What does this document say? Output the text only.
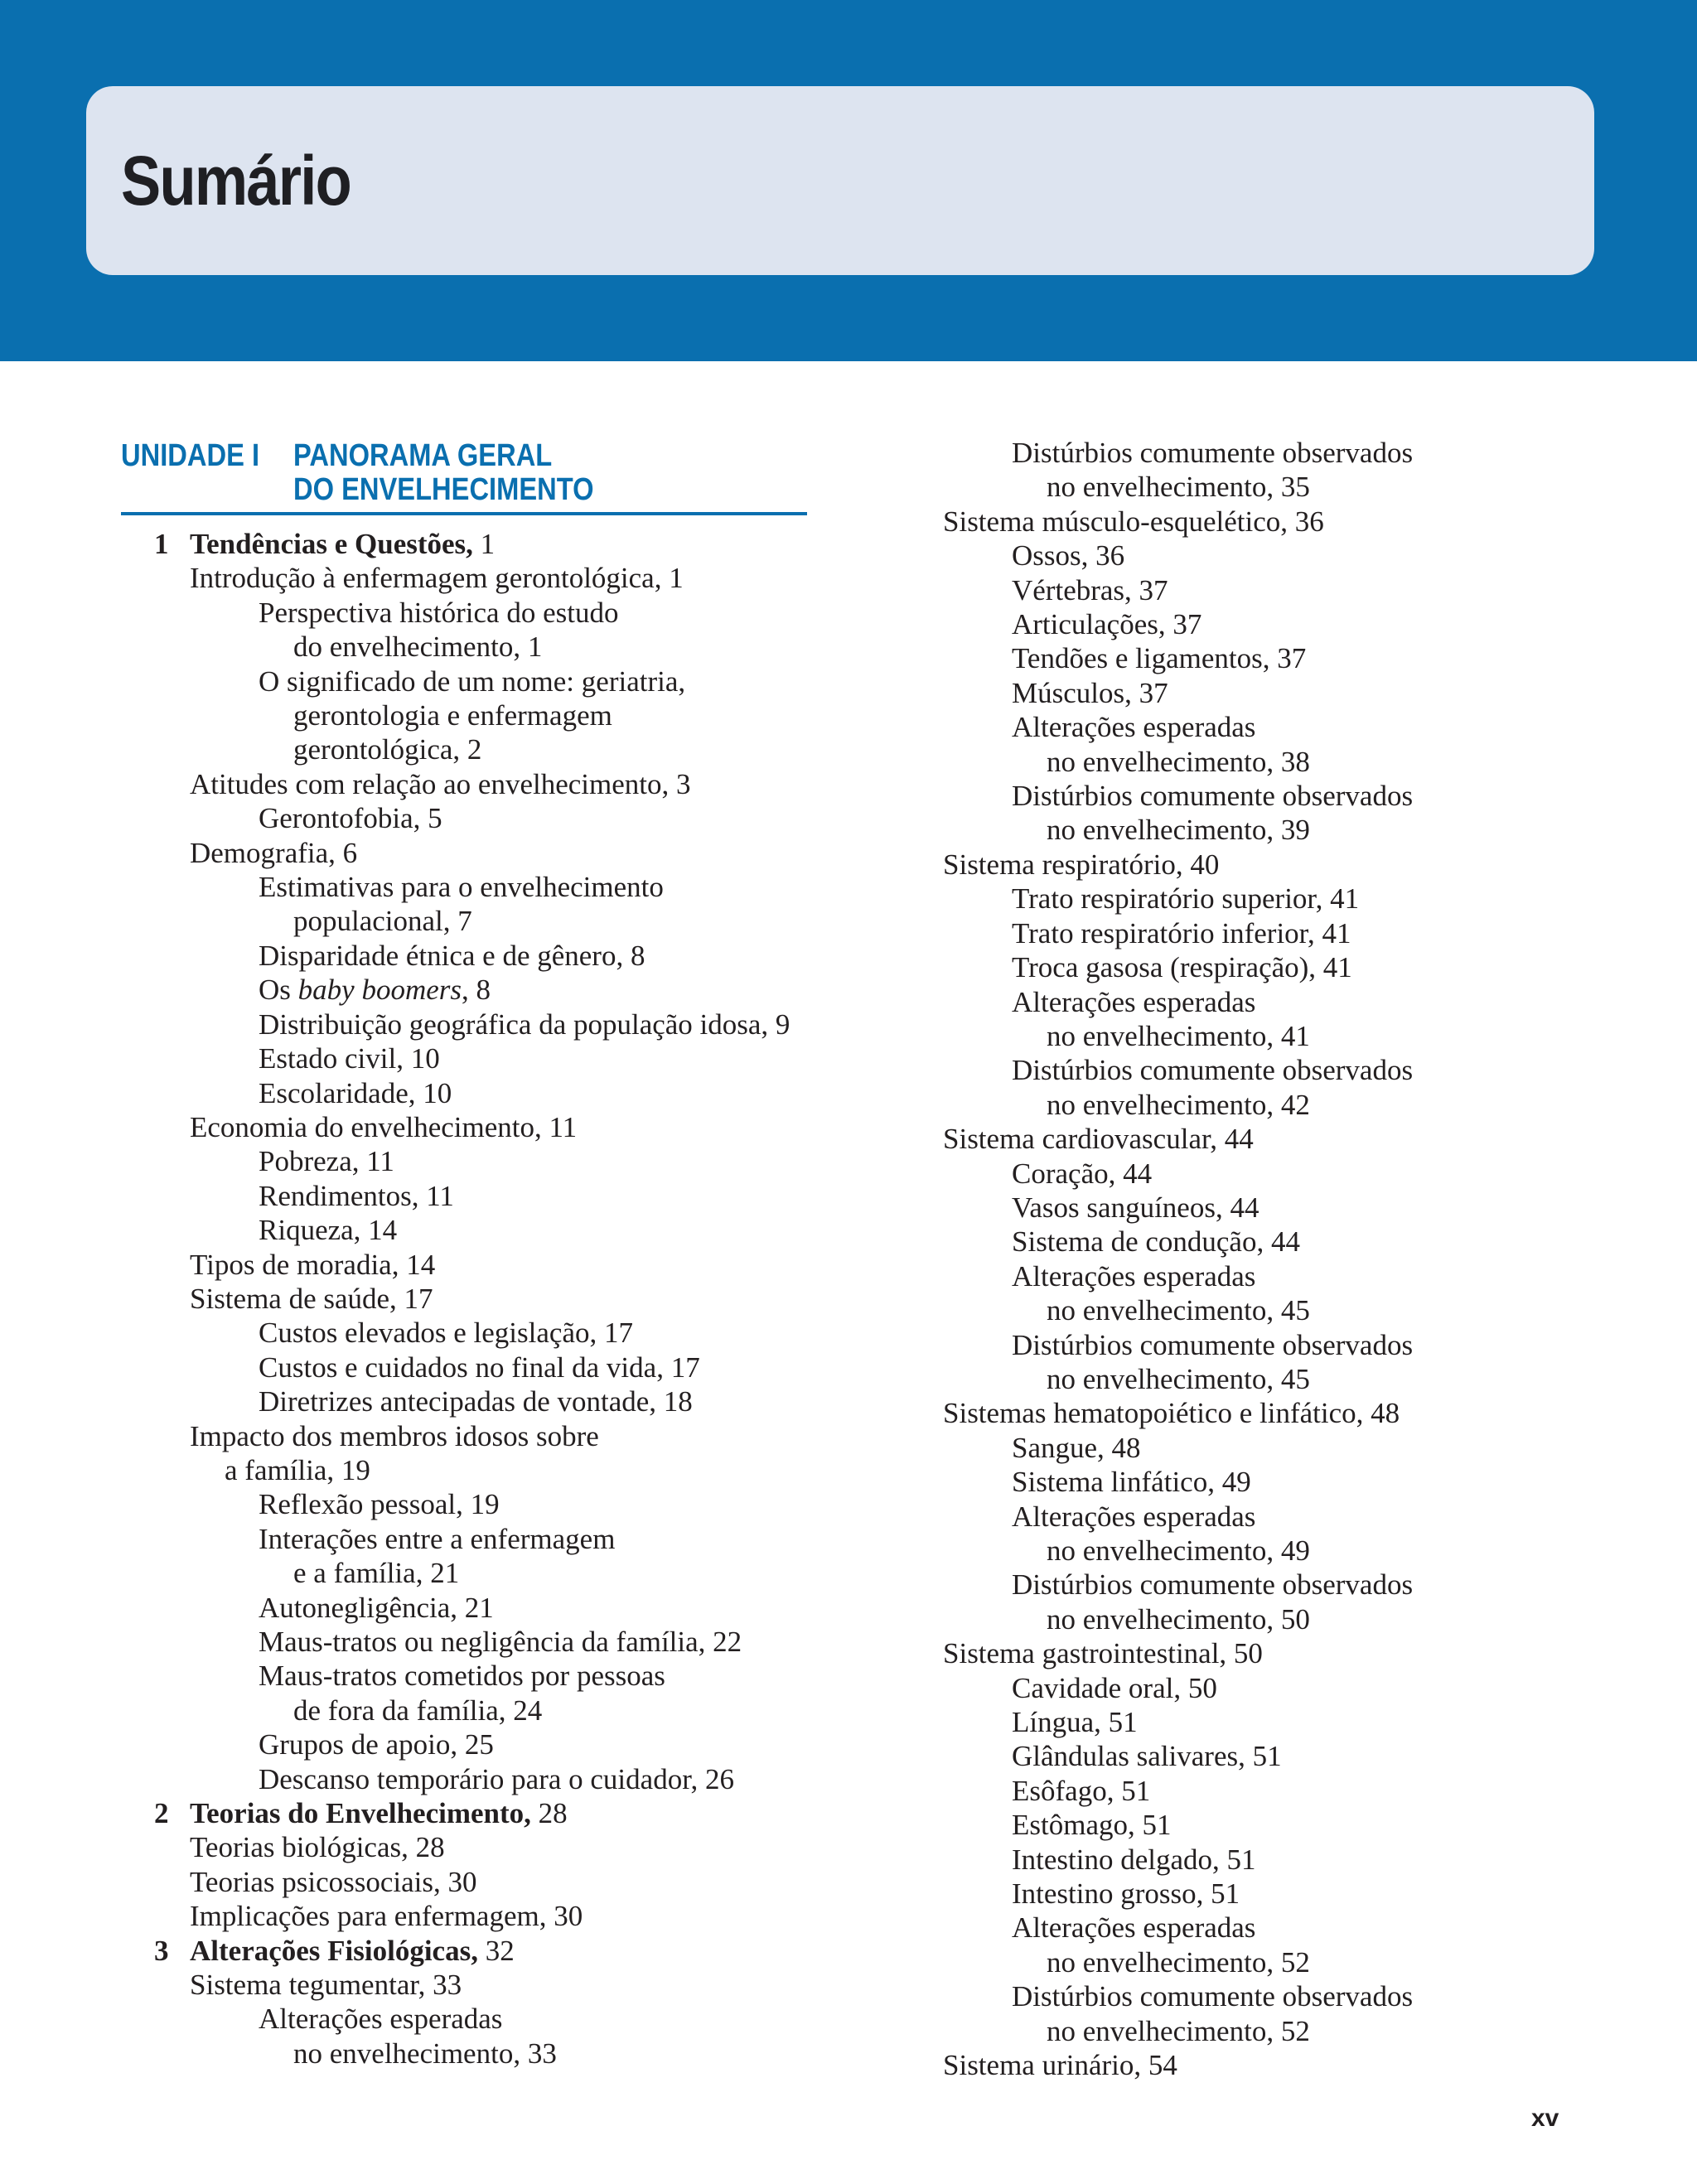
Sumário
UNIDADE I PANORAMA GERAL
DO ENVELHECIMENTO
1 Tendências e Questões, 1
Introdução à enfermagem gerontológica, 1
Perspectiva histórica do estudo
do envelhecimento, 1
O significado de um nome: geriatria,
gerontologia e enfermagem
gerontológica, 2
Atitudes com relação ao envelhecimento, 3
Gerontofobia, 5
Demografia, 6
Estimativas para o envelhecimento
populacional, 7
Disparidade étnica e de gênero, 8
Os baby boomers, 8
Distribuição geográfica da população idosa, 9
Estado civil, 10
Escolaridade, 10
Economia do envelhecimento, 11
Pobreza, 11
Rendimentos, 11
Riqueza, 14
Tipos de moradia, 14
Sistema de saúde, 17
Custos elevados e legislação, 17
Custos e cuidados no final da vida, 17
Diretrizes antecipadas de vontade, 18
Impacto dos membros idosos sobre
a família, 19
Reflexão pessoal, 19
Interações entre a enfermagem
e a família, 21
Autonegligência, 21
Maus-tratos ou negligência da família, 22
Maus-tratos cometidos por pessoas
de fora da família, 24
Grupos de apoio, 25
Descanso temporário para o cuidador, 26
2 Teorias do Envelhecimento, 28
Teorias biológicas, 28
Teorias psicossociais, 30
Implicações para enfermagem, 30
3 Alterações Fisiológicas, 32
Sistema tegumentar, 33
Alterações esperadas
no envelhecimento, 33
Distúrbios comumente observados
no envelhecimento, 35
Sistema músculo-esquelético, 36
Ossos, 36
Vértebras, 37
Articulações, 37
Tendões e ligamentos, 37
Músculos, 37
Alterações esperadas
no envelhecimento, 38
Distúrbios comumente observados
no envelhecimento, 39
Sistema respiratório, 40
Trato respiratório superior, 41
Trato respiratório inferior, 41
Troca gasosa (respiração), 41
Alterações esperadas
no envelhecimento, 41
Distúrbios comumente observados
no envelhecimento, 42
Sistema cardiovascular, 44
Coração, 44
Vasos sanguíneos, 44
Sistema de condução, 44
Alterações esperadas
no envelhecimento, 45
Distúrbios comumente observados
no envelhecimento, 45
Sistemas hematopoiético e linfático, 48
Sangue, 48
Sistema linfático, 49
Alterações esperadas
no envelhecimento, 49
Distúrbios comumente observados
no envelhecimento, 50
Sistema gastrointestinal, 50
Cavidade oral, 50
Língua, 51
Glândulas salivares, 51
Esôfago, 51
Estômago, 51
Intestino delgado, 51
Intestino grosso, 51
Alterações esperadas
no envelhecimento, 52
Distúrbios comumente observados
no envelhecimento, 52
Sistema urinário, 54
xv
